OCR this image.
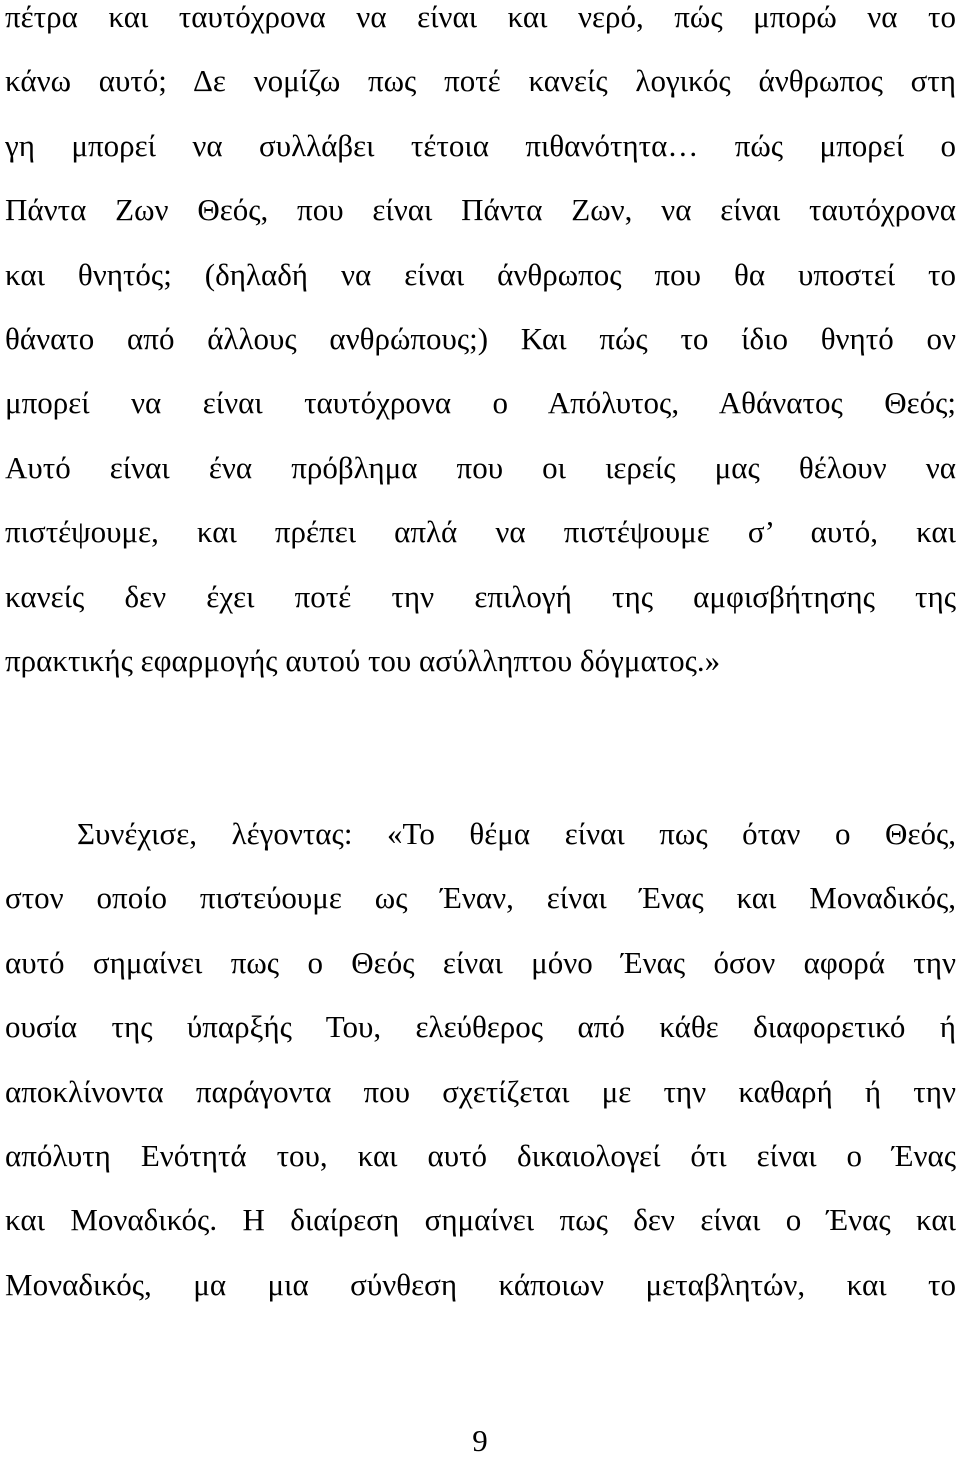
πέτρα και ταυτόχρονα να είναι και νερό, πώς μπορώ να το
κάνω αυτό; Δε νομίζω πως ποτέ κανείς λογικός άνθρωπος στη
γη μπορεί να συλλάβει τέτοια πιθανότητα… πώς μπορεί ο
Πάντα Ζων Θεός, που είναι Πάντα Ζων, να είναι ταυτόχρονα
και θνητός; (δηλαδή να είναι άνθρωπος που θα υποστεί το
θάνατο από άλλους ανθρώπους;) Και πώς το ίδιο θνητό ον
μπορεί να είναι ταυτόχρονα ο Απόλυτος, Αθάνατος Θεός;
Αυτό είναι ένα πρόβλημα που οι ιερείς μας θέλουν να
πιστέψουμε, και πρέπει απλά να πιστέψουμε σ’ αυτό, και
κανείς δεν έχει ποτέ την επιλογή της αμφισβήτησης της
πρακτικής εφαρμογής αυτού του ασύλληπτου δόγματος.»
Συνέχισε, λέγοντας: «Το θέμα είναι πως όταν ο Θεός,
στον οποίο πιστεύουμε ως Έναν, είναι Ένας και Μοναδικός,
αυτό σημαίνει πως ο Θεός είναι μόνο Ένας όσον αφορά την
ουσία της ύπαρξής Του, ελεύθερος από κάθε διαφορετικό ή
αποκλίνοντα παράγοντα που σχετίζεται με την καθαρή ή την
απόλυτη Ενότητά του, και αυτό δικαιολογεί ότι είναι ο Ένας
και Μοναδικός. Η διαίρεση σημαίνει πως δεν είναι ο Ένας και
Μοναδικός, μα μια σύνθεση κάποιων μεταβλητών, και το
9
